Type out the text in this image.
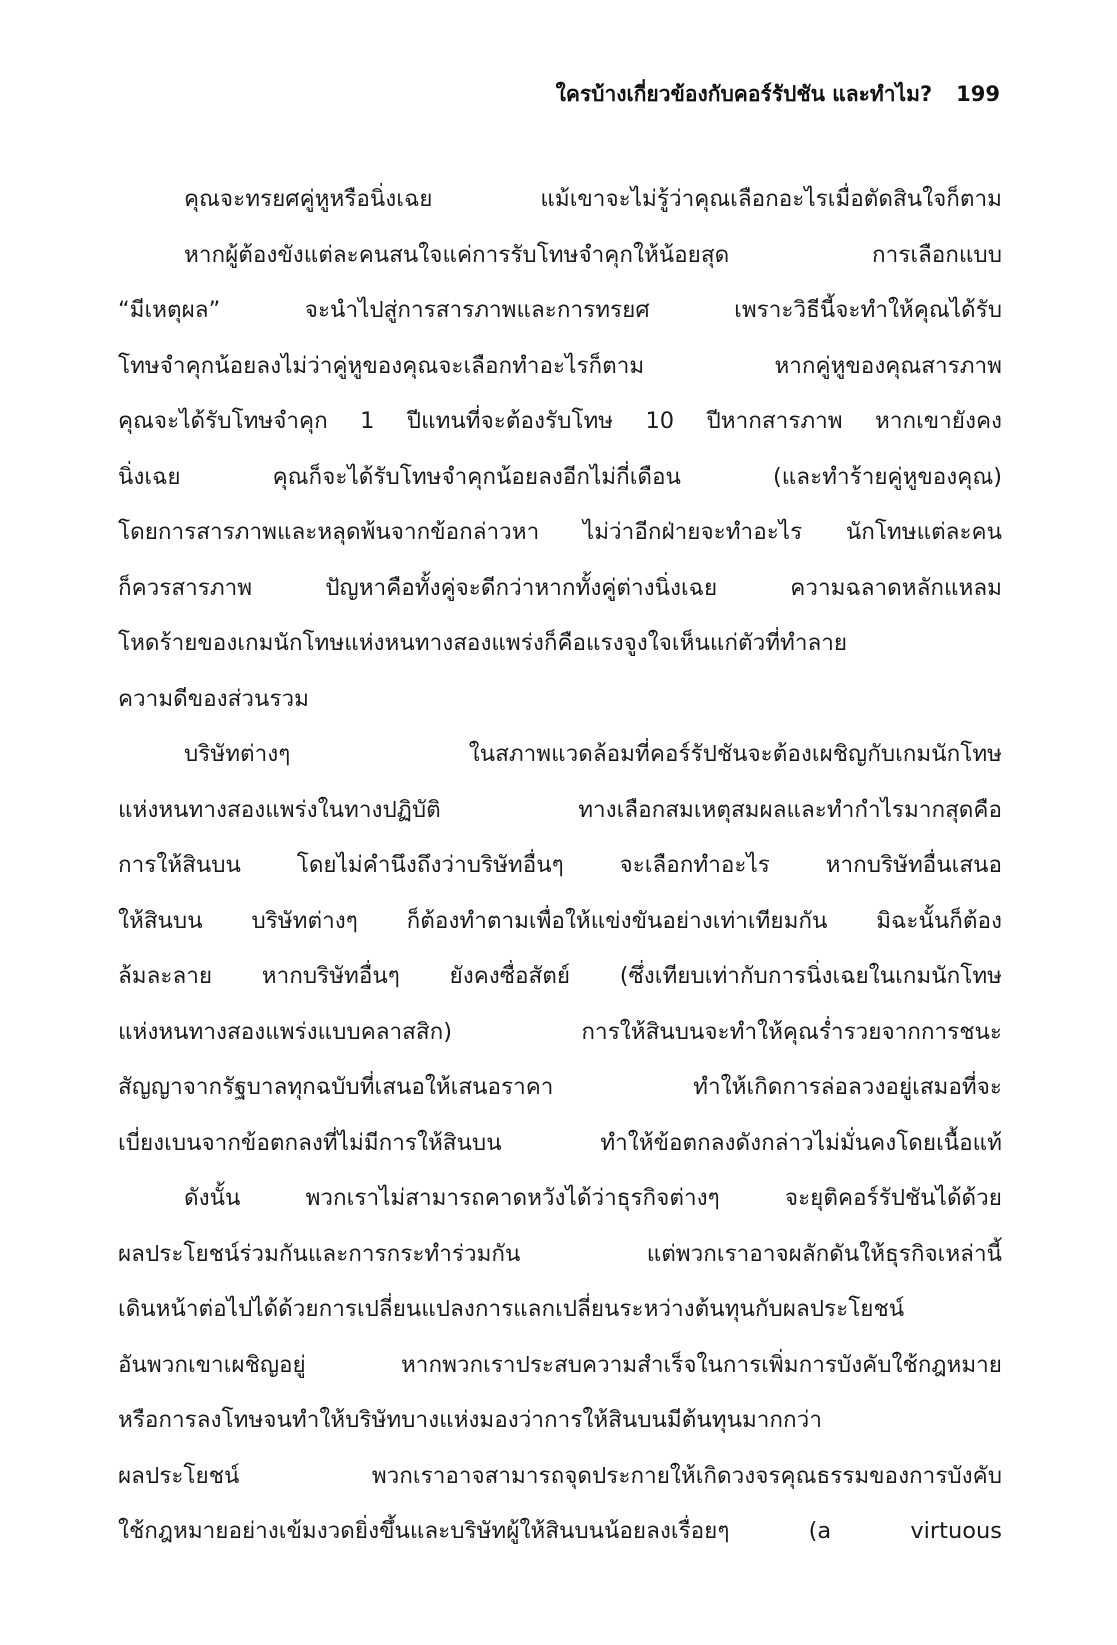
ใครบ้างเกี่ยวข้องกับคอร์รัปชัน และทำไม? 199
คุณจะทรยศคู่หูหรือนิ่งเฉย แม้เขาจะไม่รู้ว่าคุณเลือกอะไรเมื่อตัดสินใจก็ตาม
หากผู้ต้องขังแต่ละคนสนใจแค่การรับโทษจำคุกให้น้อยสุด การเลือกแบบ
“มีเหตุผล” จะนำไปสู่การสารภาพและการทรยศ เพราะวิธีนี้จะทำให้คุณได้รับ
โทษจำคุกน้อยลงไม่ว่าคู่หูของคุณจะเลือกทำอะไรก็ตาม หากคู่หูของคุณสารภาพ
คุณจะได้รับโทษจำคุก 1 ปีแทนที่จะต้องรับโทษ 10 ปีหากสารภาพ หากเขายังคง
นิ่งเฉย คุณก็จะได้รับโทษจำคุกน้อยลงอีกไม่กี่เดือน (และทำร้ายคู่หูของคุณ)
โดยการสารภาพและหลุดพ้นจากข้อกล่าวหา ไม่ว่าอีกฝ่ายจะทำอะไร นักโทษแต่ละคน
ก็ควรสารภาพ ปัญหาคือทั้งคู่จะดีกว่าหากทั้งคู่ต่างนิ่งเฉย ความฉลาดหลักแหลม
โหดร้ายของเกมนักโทษแห่งหนทางสองแพร่งก็คือแรงจูงใจเห็นแก่ตัวที่ทำลาย
ความดีของส่วนรวม
บริษัทต่างๆ ในสภาพแวดล้อมที่คอร์รัปชันจะต้องเผชิญกับเกมนักโทษ
แห่งหนทางสองแพร่งในทางปฏิบัติ ทางเลือกสมเหตุสมผลและทำกำไรมากสุดคือ
การให้สินบน โดยไม่คำนึงถึงว่าบริษัทอื่นๆ จะเลือกทำอะไร หากบริษัทอื่นเสนอ
ให้สินบน บริษัทต่างๆ ก็ต้องทำตามเพื่อให้แข่งขันอย่างเท่าเทียมกัน มิฉะนั้นก็ต้อง
ล้มละลาย หากบริษัทอื่นๆ ยังคงซื่อสัตย์ (ซึ่งเทียบเท่ากับการนิ่งเฉยในเกมนักโทษ
แห่งหนทางสองแพร่งแบบคลาสสิก) การให้สินบนจะทำให้คุณร่ำรวยจากการชนะ
สัญญาจากรัฐบาลทุกฉบับที่เสนอให้เสนอราคา ทำให้เกิดการล่อลวงอยู่เสมอที่จะ
เบี่ยงเบนจากข้อตกลงที่ไม่มีการให้สินบน ทำให้ข้อตกลงดังกล่าวไม่มั่นคงโดยเนื้อแท้
ดังนั้น พวกเราไม่สามารถคาดหวังได้ว่าธุรกิจต่างๆ จะยุติคอร์รัปชันได้ด้วย
ผลประโยชน์ร่วมกันและการกระทำร่วมกัน แต่พวกเราอาจผลักดันให้ธุรกิจเหล่านี้
เดินหน้าต่อไปได้ด้วยการเปลี่ยนแปลงการแลกเปลี่ยนระหว่างต้นทุนกับผลประโยชน์
อันพวกเขาเผชิญอยู่ หากพวกเราประสบความสำเร็จในการเพิ่มการบังคับใช้กฎหมาย
หรือการลงโทษจนทำให้บริษัทบางแห่งมองว่าการให้สินบนมีต้นทุนมากกว่า
ผลประโยชน์ พวกเราอาจสามารถจุดประกายให้เกิดวงจรคุณธรรมของการบังคับ
ใช้กฎหมายอย่างเข้มงวดยิ่งขึ้นและบริษัทผู้ให้สินบนน้อยลงเรื่อยๆ (a virtuous
